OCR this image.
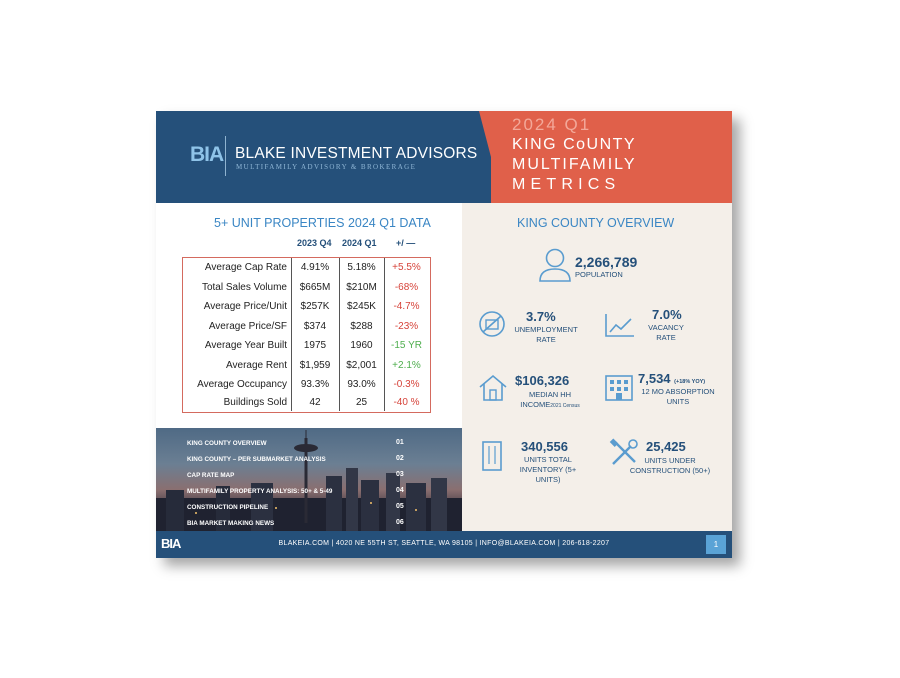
BIA BLAKE INVESTMENT ADVISORS
MULTIFAMILY ADVISORY & BROKERAGE
2024 Q1
KING CoUNTY
MULTIFAMILY
METRICS
5+ UNIT PROPERTIES 2024 Q1 DATA
2023 Q4 2024 Q1 +/ —
Average Cap Rate	4.91%	5.18%	+5.5%
Total Sales Volume	$665M	$210M	-68%
Average Price/Unit	$257K	$245K	-4.7%
Average Price/SF	$374	$288	-23%
Average Year Built	1975	1960	-15 YR
Average Rent	$1,959	$2,001	+2.1%
Average Occupancy	93.3%	93.0%	-0.3%
Buildings Sold	42	25	-40 %
KING COUNTY OVERVIEW	01
KING COUNTY – PER SUBMARKET ANALYSIS	02
CAP RATE MAP	03
MULTIFAMILY PROPERTY ANALYSIS: 50+ & 5-49	04
CONSTRUCTION PIPELINE	05
BIA MARKET MAKING NEWS	06
KING COUNTY OVERVIEW
2,266,789
POPULATION
3.7%
UNEMPLOYMENT
RATE
7.0%
VACANCY
RATE
$106,326
MEDIAN HH
INCOME2021 Census
7,534 (+18% YOY)
12 MO ABSORPTION
UNITS
340,556
UNITS TOTAL
INVENTORY (5+
UNITS)
25,425
UNITS UNDER
CONSTRUCTION (50+)
BIA	BLAKEIA.COM | 4020 NE 55TH ST, SEATTLE, WA 98105 | INFO@BLAKEIA.COM | 206-618-2207	1
